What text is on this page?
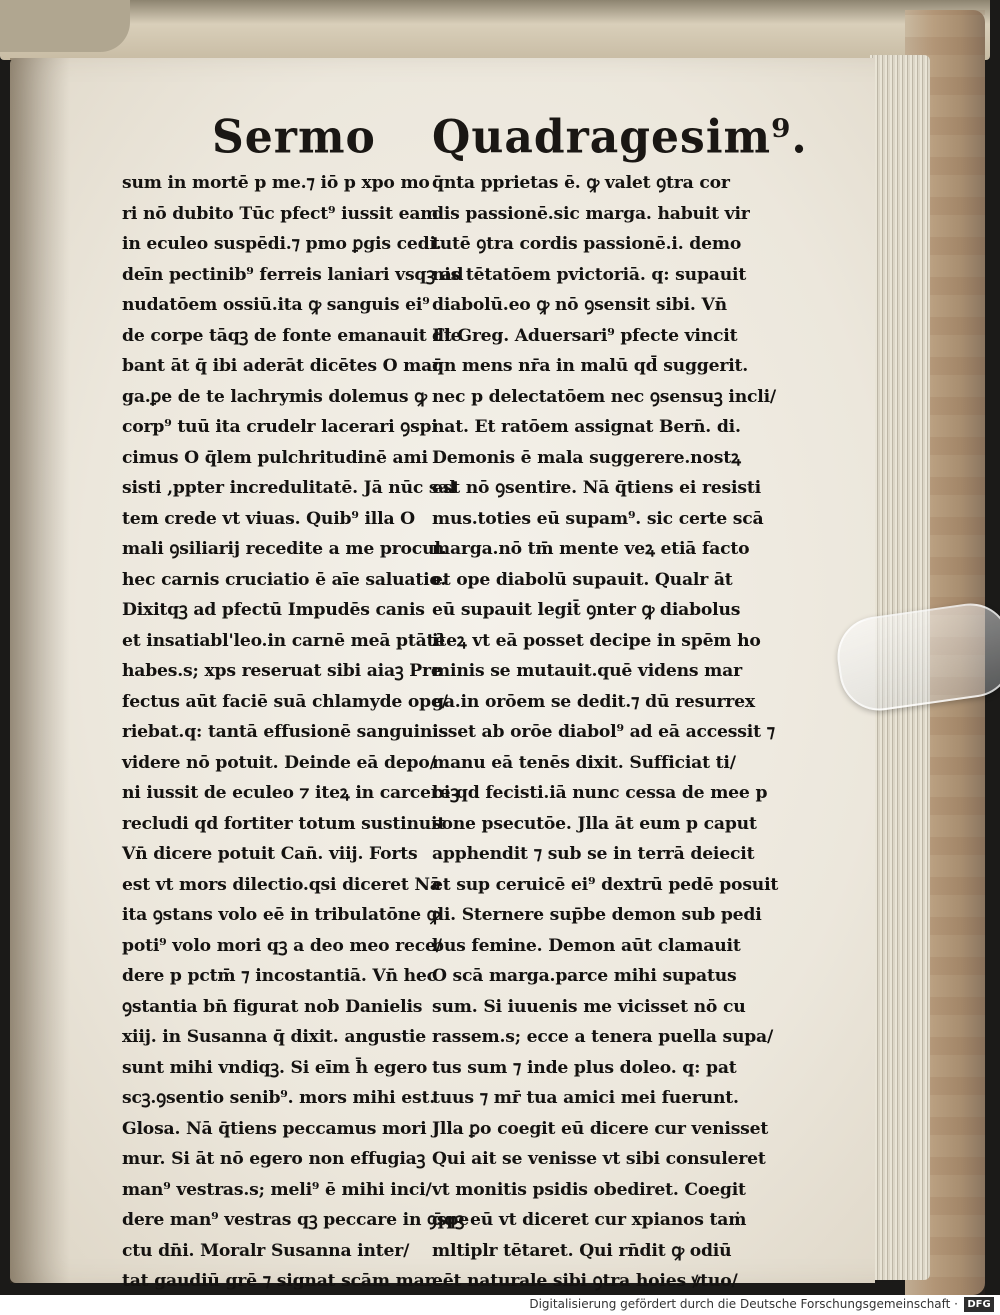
Sermo Quadragesim⁹.
sum in mortē p me.⁊ iō p xpo mo
ri nō dubito Tūc pfect⁹ iussit eam
in eculeo suspēdi.⁊ pmo ꝑgis cedi.
deīn pectinib⁹ ferreis laniari vsqꝫ ad
nudatōem ossiū.ita ꝙ sanguis ei⁹
de corpe tāqꝫ de fonte emanauit Fle
bant āt q̄ ibi aderāt dicētes O mar
ga.ꝑe de te lachrymis dolemus ꝙ
corp⁹ tuū ita crudelr lacerari ꝯspi
cimus O q̄lem pulchritudinē ami
sisti ,ppter incredulitatē. Jā nūc sal
tem crede vt viuas. Quib⁹ illa O
mali ꝯsiliarij recedite a me procul.
hec carnis cruciatio ē aīe saluatio.
Dixitqꝫ ad pfectū Impudēs canis
et insatiabl'leo.in carnē meā ptātē
habes.s; xps reseruat sibi aiaꝫ Pre
fectus aūt faciē suā chlamyde ope/
riebat.q: tantā effusionē sanguinis
videre nō potuit. Deinde eā depo/
ni iussit de eculeo ⁊ iteꝝ in carcereꝫ
recludi qd fortiter totum sustinuit
Vn̄ dicere potuit Can̄. viij. Forts
est vt mors dilectio.qsi diceret Nā
ita ꝯstans volo eē in tribulatōne ꝙ
poti⁹ volo mori qꝫ a deo meo rece/
dere p pctm̄ ⁊ incostantiā. Vn̄ hec
ꝯstantia bn̄ figurat nob Danielis
xiij. in Susanna q̄ dixit. angustie
sunt mihi vndiqꝫ. Si eīm h̄ egero
scꝫ.ꝯsentio senib⁹. mors mihi est.
Glosa. Nā q̄tiens peccamus mori
mur. Si āt nō egero non effugiaꝫ
man⁹ vestras.s; meli⁹ ē mihi inci/
dere man⁹ vestras qꝫ peccare in ꝯspe
ctu dn̄i. Moralr Susanna inter/
tat gaudiū grē ⁊ signat scām mar
q̄nta pprietas ē. ꝙ valet ꝯtra cor
dis passionē.sic marga. habuit vir
tutē ꝯtra cordis passionē.i. demo
nis tētatōem pvictoriā. q: supauit
diabolū.eo ꝙ nō ꝯsensit sibi. Vn̄
dt Greg. Aduersari⁹ pfecte vincit
q̄n mens nr̄a in malū qd̄ suggerit.
nec p delectatōem nec ꝯsensuꝫ incli/
nat. Et ratōem assignat Bern̄. di.
Demonis ē mala suggerere.nostꝝ
est nō ꝯsentire. Nā q̄tiens ei resisti
mus.toties eū supam⁹. sic certe scā
marga.nō tm̄ mente veꝝ etiā facto
et ope diabolū supauit. Qualr āt
eū supauit legit̄ ꝯnter ꝙ diabolus
iteꝝ vt eā posset decipe in spēm ho
minis se mutauit.quē videns mar
ga.in orōem se dedit.⁊ dū resurrex
isset ab orōe diabol⁹ ad eā accessit ⁊
manu eā tenēs dixit. Sufficiat ti/
bi qd fecisti.iā nunc cessa de mee p
sone psecutōe. Jlla āt eum p caput
apphendit ⁊ sub se in terrā deiecit
et sup ceruicē ei⁹ dextrū pedē posuit
di. Sternere sup̄be demon sub pedi
bus femine. Demon aūt clamauit
O scā marga.parce mihi supatus
sum. Si iuuenis me vicisset nō cu
rassem.s; ecce a tenera puella supa/
tus sum ⁊ inde plus doleo. q: pat
tuus ⁊ mr̄ tua amici mei fuerunt.
Jlla ꝑo coegit eū dicere cur venisset
Qui ait se venisse vt sibi consuleret
vt monitis psidis obediret. Coegit
q̄qꝫ eū vt diceret cur xpianos taṁ
mltiplr tētaret. Qui rn̄dit ꝙ odiū
eēt naturale sibi ꝯtra hoies ꝟtuo/
Digitalisierung gefördert durch die Deutsche Forschungsgemeinschaft · DFG
